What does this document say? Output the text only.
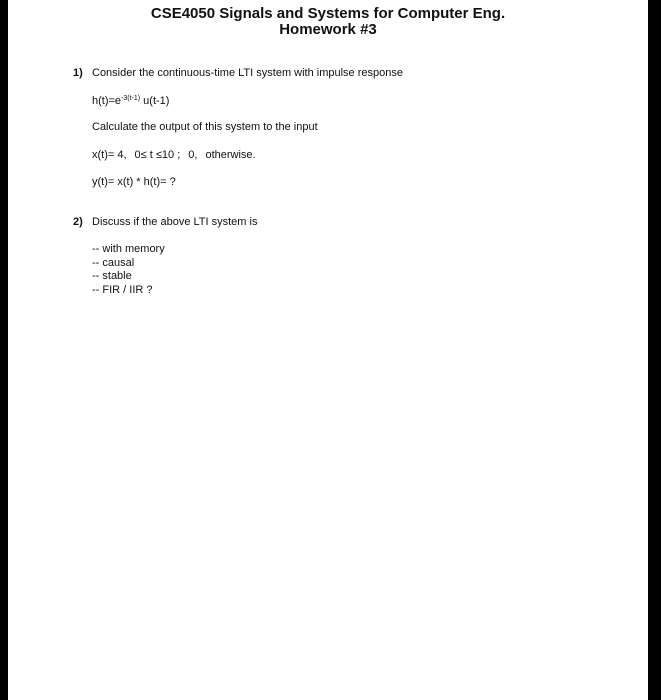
CSE4050 Signals and Systems for Computer Eng.
Homework #3
1) Consider the continuous-time LTI system with impulse response
$h(t)=e^{-3(t-1)}$ u(t-1)
Calculate the output of this system to the input
x(t)= 4, 0≤ t ≤10 ; 0, otherwise.
y(t)= x(t) * h(t)= ?
2) Discuss if the above LTI system is
-- with memory
-- causal
-- stable
-- FIR / IIR ?
